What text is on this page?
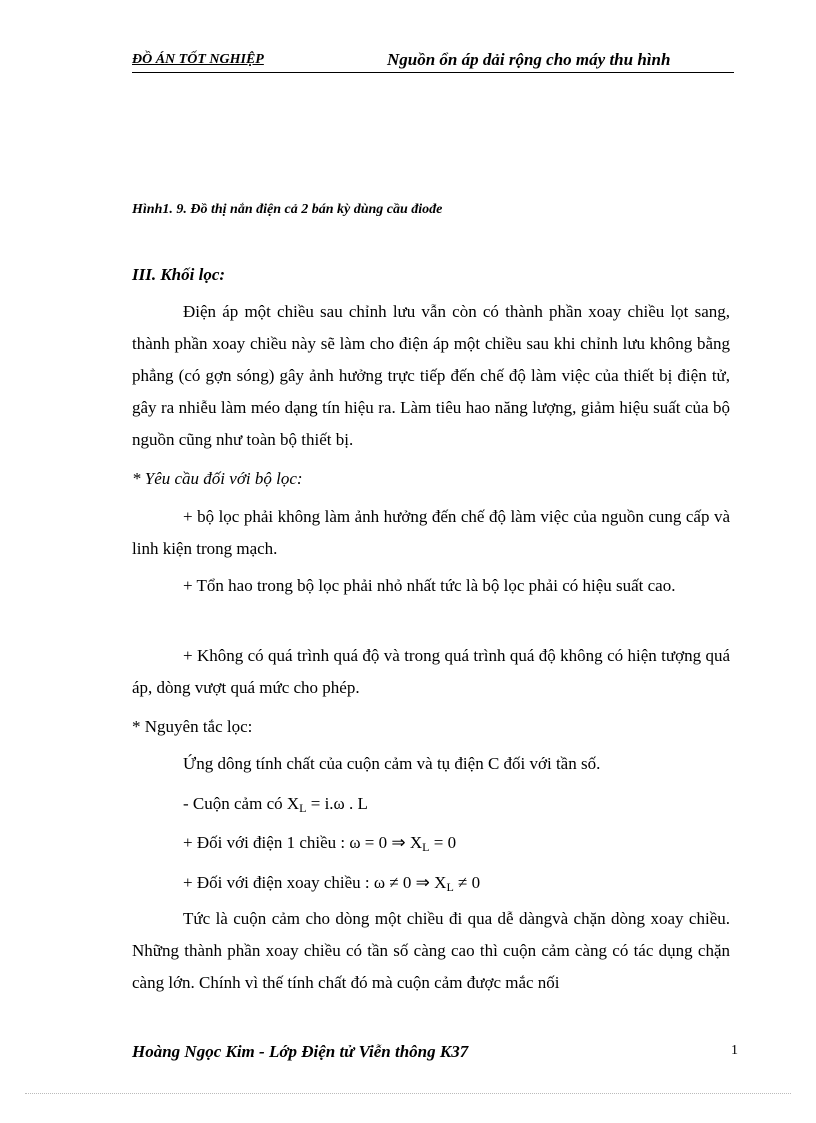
ĐỒ ÁN TỐT NGHIỆP	Nguồn ổn áp dải rộng cho máy thu hình
Hình1. 9. Đồ thị nắn điện cả 2 bán kỳ dùng cầu điođe
III. Khối lọc:
Điện áp một chiều sau chỉnh lưu vẫn còn có thành phần xoay chiều lọt sang, thành phần xoay chiều này sẽ làm cho điện áp một chiều sau khi chỉnh lưu không bằng phẳng (có gợn sóng) gây ảnh hưởng trực tiếp đến chế độ làm việc của thiết bị điện tử, gây ra nhiễu làm méo dạng tín hiệu ra. Làm tiêu hao năng lượng, giảm hiệu suất của bộ nguồn cũng như toàn bộ thiết bị.
* Yêu cầu đối với bộ lọc:
+ bộ lọc phải không làm ảnh hưởng đến chế độ làm việc của nguồn cung cấp và linh kiện trong mạch.
+ Tổn hao trong bộ lọc phải nhỏ nhất tức là bộ lọc phải có hiệu suất cao.
+ Không có quá trình quá độ và trong quá trình quá độ không có hiện tượng quá áp, dòng vượt quá mức cho phép.
* Nguyên tắc lọc:
Ứng dông tính chất của cuộn cảm và tụ điện C đối với tần số.
- Cuộn cảm có $X_L = i.\omega$ . L
+ Đối với điện 1 chiều : ω = 0 ⇒ $X_L = 0$
+ Đối với điện xoay chiều : ω ≠ 0 ⇒ $X_L \ne 0$
Tức là cuộn cảm cho dòng một chiều đi qua dễ dàngvà chặn dòng xoay chiều. Những thành phần xoay chiều có tần số càng cao thì cuộn cảm càng có tác dụng chặn càng lớn. Chính vì thế tính chất đó mà cuộn cảm được mắc nối
Hoàng Ngọc Kim - Lớp Điện tử Viễn thông K37	1
